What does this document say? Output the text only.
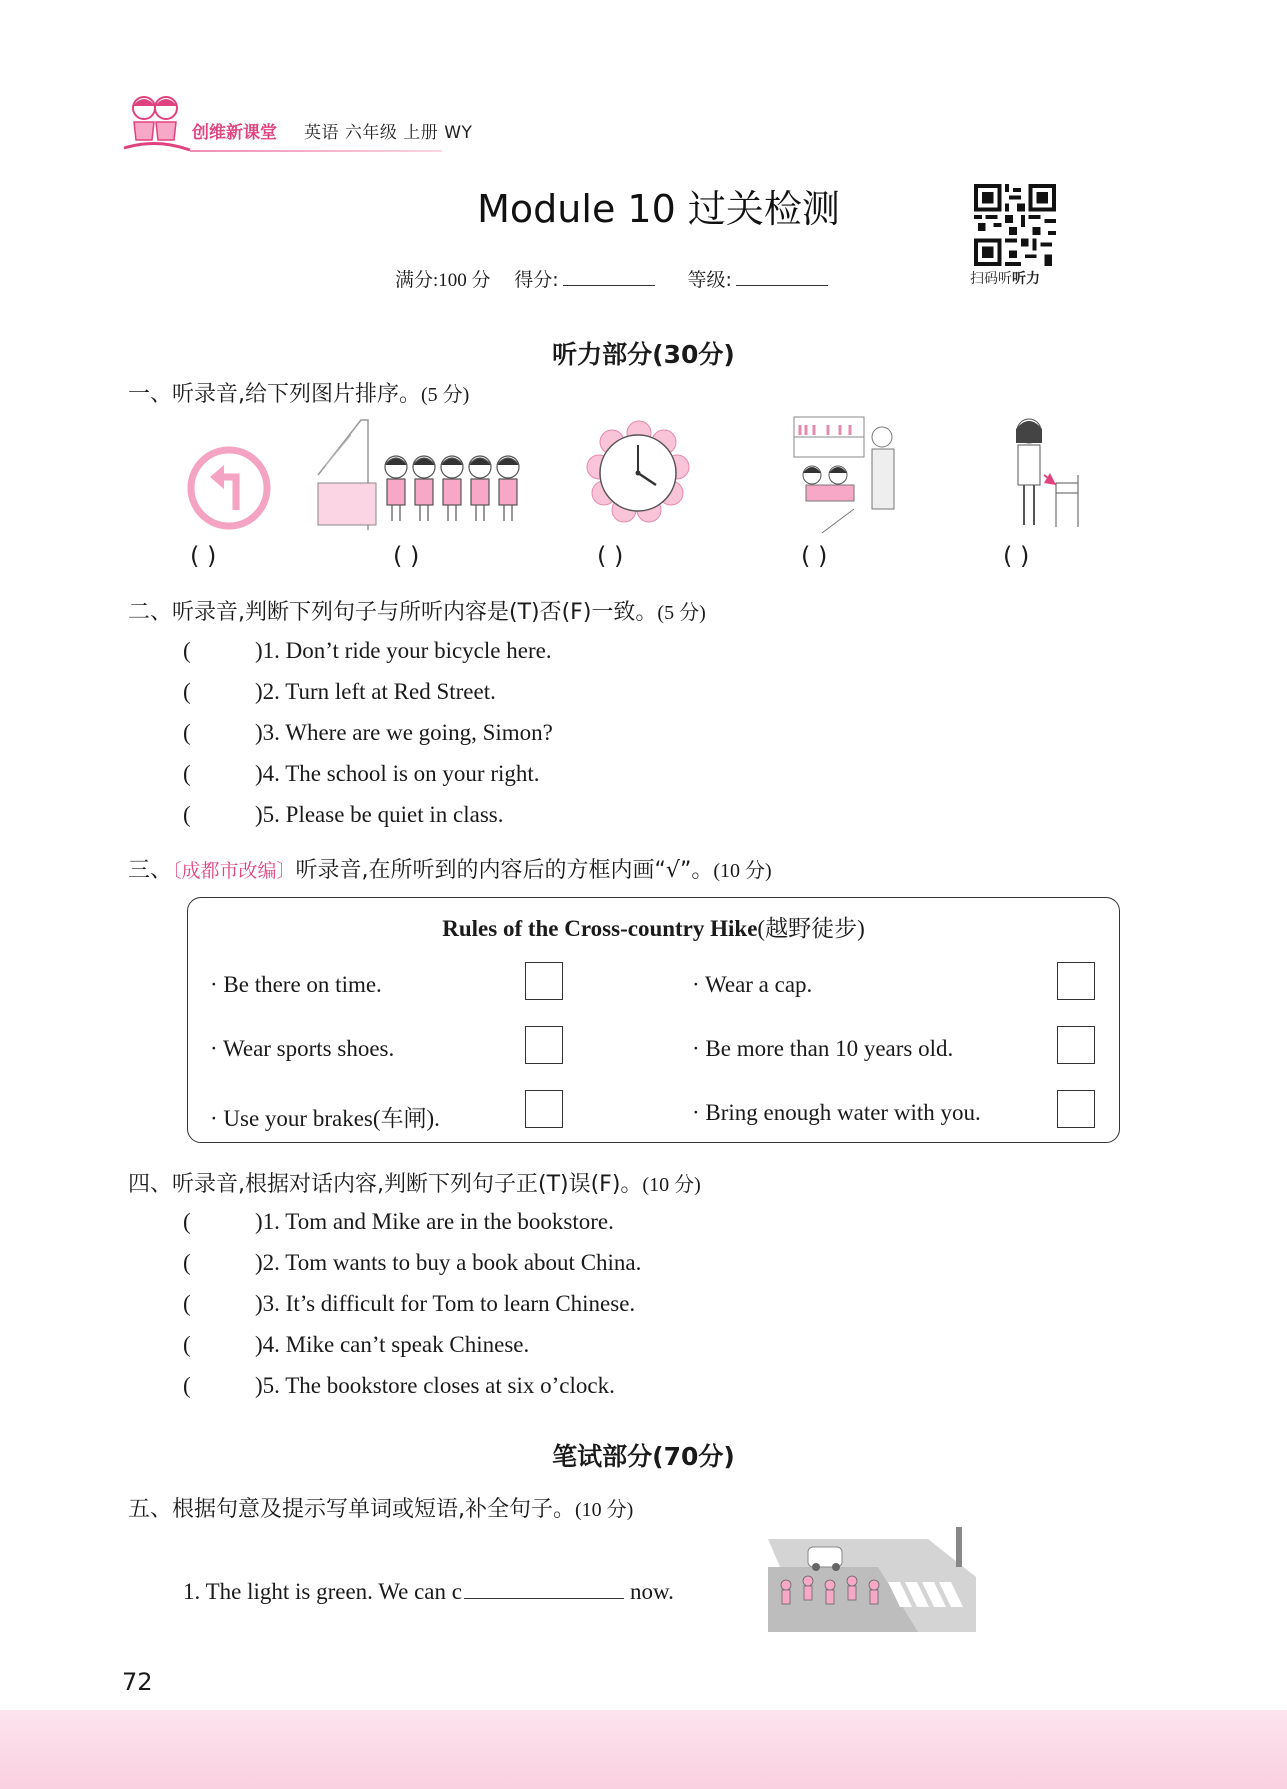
创维新课堂 英语 六年级 上册 WY
Module 10 过关检测
扫码听听力
满分:100 分 得分:	等级:
听力部分(30分)
一、听录音,给下列图片排序。(5 分)
( )	( )	( )	( )	( )
二、听录音,判断下列句子与所听内容是(T)否(F)一致。(5 分)
(	)1. Don’t ride your bicycle here.
(	)2. Turn left at Red Street.
(	)3. Where are we going, Simon?
(	)4. The school is on your right.
(	)5. Please be quiet in class.
三、〔成都市改编〕听录音,在所听到的内容后的方框内画“√”。(10 分)
Rules of the Cross-country Hike(越野徒步)
· Be there on time.
· Wear sports shoes.
· Use your brakes(车闸).
· Wear a cap.
· Be more than 10 years old.
· Bring enough water with you.
四、听录音,根据对话内容,判断下列句子正(T)误(F)。(10 分)
(	)1. Tom and Mike are in the bookstore.
(	)2. Tom wants to buy a book about China.
(	)3. It’s difficult for Tom to learn Chinese.
(	)4. Mike can’t speak Chinese.
(	)5. The bookstore closes at six o’clock.
笔试部分(70分)
五、根据句意及提示写单词或短语,补全句子。(10 分)
1. The light is green. We can c	now.
72
